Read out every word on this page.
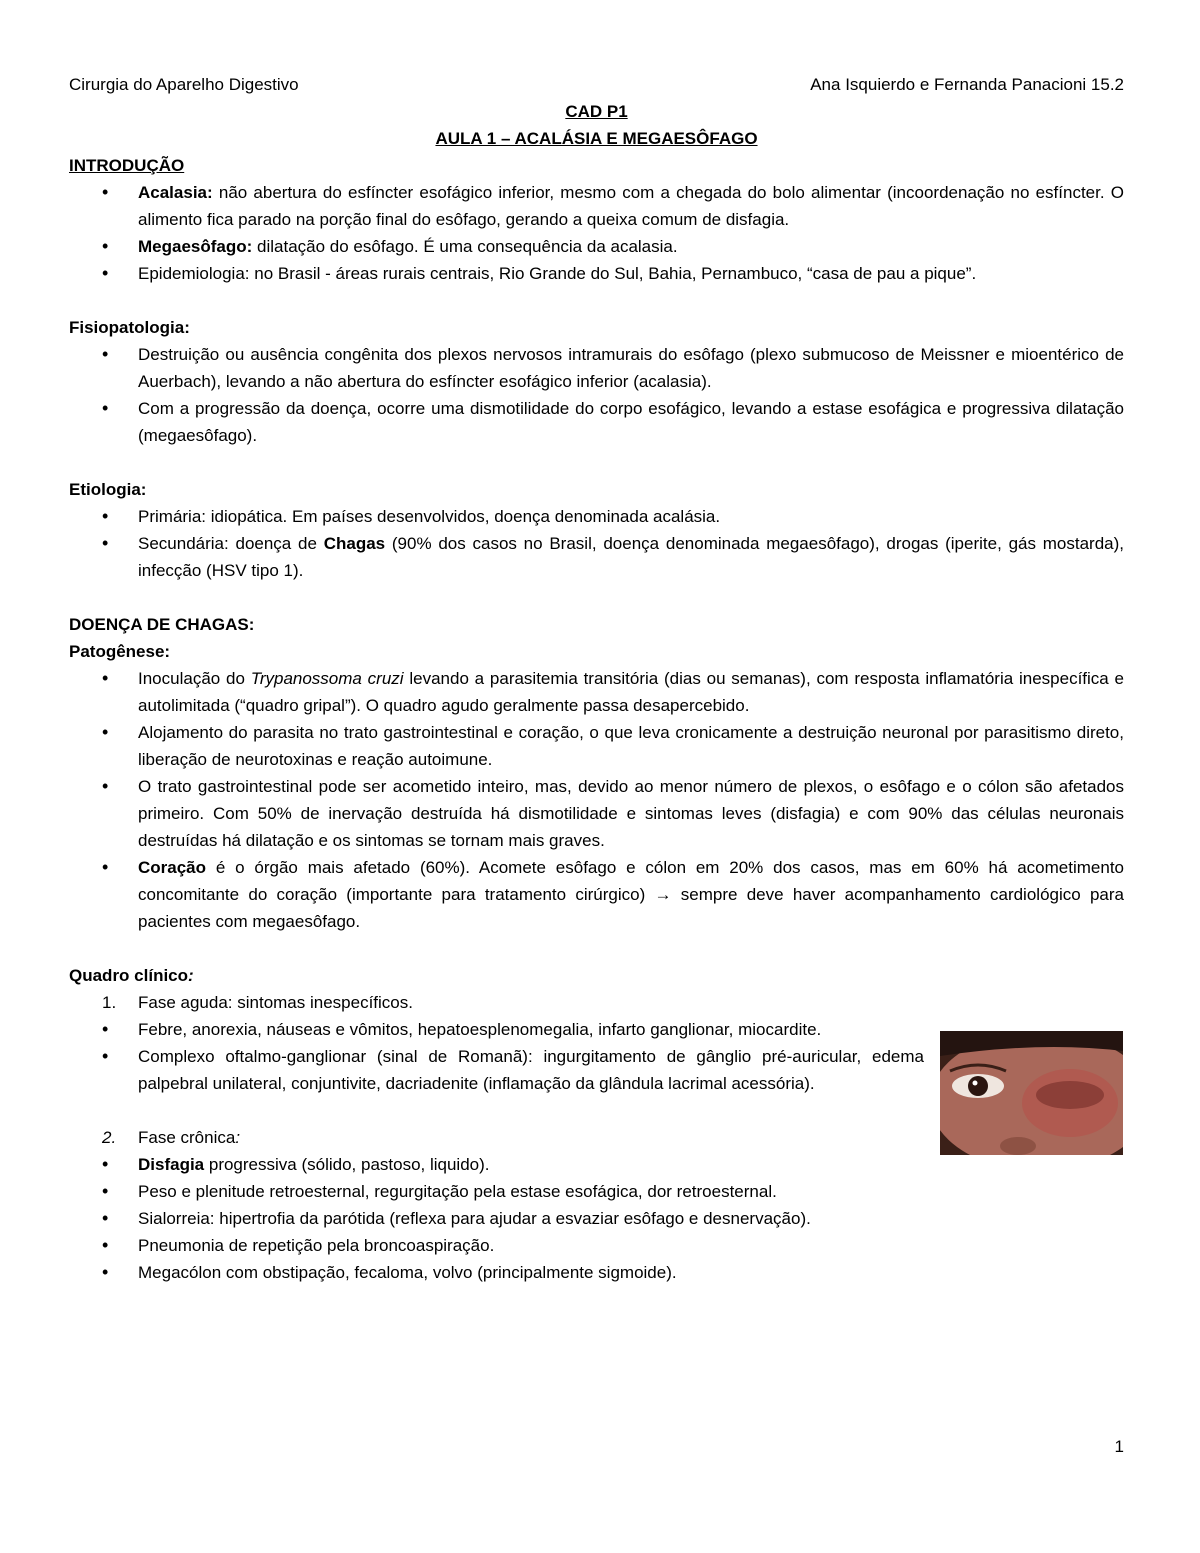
Cirurgia do Aparelho Digestivo	Ana Isquierdo e Fernanda Panacioni 15.2
CAD P1
AULA 1 – ACALÁSIA E MEGAESÔFAGO
INTRODUÇÃO
• Acalasia: não abertura do esfíncter esofágico inferior, mesmo com a chegada do bolo alimentar (incoordenação no esfíncter. O alimento fica parado na porção final do esôfago, gerando a queixa comum de disfagia.
• Megaesôfago: dilatação do esôfago. É uma consequência da acalasia.
• Epidemiologia: no Brasil - áreas rurais centrais, Rio Grande do Sul, Bahia, Pernambuco, “casa de pau a pique”.
Fisiopatologia:
• Destruição ou ausência congênita dos plexos nervosos intramurais do esôfago (plexo submucoso de Meissner e mioentérico de Auerbach), levando a não abertura do esfíncter esofágico inferior (acalasia).
• Com a progressão da doença, ocorre uma dismotilidade do corpo esofágico, levando a estase esofágica e progressiva dilatação (megaesôfago).
Etiologia:
• Primária: idiopática. Em países desenvolvidos, doença denominada acalásia.
• Secundária: doença de Chagas (90% dos casos no Brasil, doença denominada megaesôfago), drogas (iperite, gás mostarda), infecção (HSV tipo 1).
DOENÇA DE CHAGAS:
Patogênese:
• Inoculação do Trypanossoma cruzi levando a parasitemia transitória (dias ou semanas), com resposta inflamatória inespecífica e autolimitada (“quadro gripal”). O quadro agudo geralmente passa desapercebido.
• Alojamento do parasita no trato gastrointestinal e coração, o que leva cronicamente a destruição neuronal por parasitismo direto, liberação de neurotoxinas e reação autoimune.
• O trato gastrointestinal pode ser acometido inteiro, mas, devido ao menor número de plexos, o esôfago e o cólon são afetados primeiro. Com 50% de inervação destruída há dismotilidade e sintomas leves (disfagia) e com 90% das células neuronais destruídas há dilatação e os sintomas se tornam mais graves.
• Coração é o órgão mais afetado (60%). Acomete esôfago e cólon em 20% dos casos, mas em 60% há acometimento concomitante do coração (importante para tratamento cirúrgico) → sempre deve haver acompanhamento cardiológico para pacientes com megaesôfago.
Quadro clínico:
1. Fase aguda: sintomas inespecíficos.
• Febre, anorexia, náuseas e vômitos, hepatoesplenomegalia, infarto ganglionar, miocardite.
• Complexo oftalmo-ganglionar (sinal de Romanã): ingurgitamento de gânglio pré-auricular, edema palpebral unilateral, conjuntivite, dacriadenite (inflamação da glândula lacrimal acessória).
2. Fase crônica:
• Disfagia progressiva (sólido, pastoso, liquido).
• Peso e plenitude retroesternal, regurgitação pela estase esofágica, dor retroesternal.
• Sialorreia: hipertrofia da parótida (reflexa para ajudar a esvaziar esôfago e desnervação).
• Pneumonia de repetição pela broncoaspiração.
• Megacólon com obstipação, fecaloma, volvo (principalmente sigmoide).
1
